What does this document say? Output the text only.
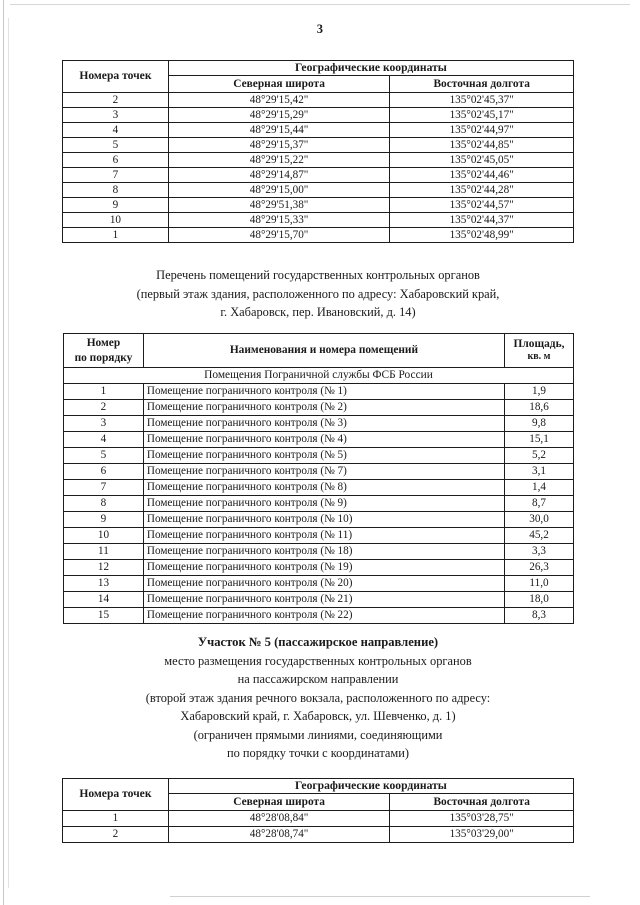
3
Номера точек	Географические координаты	
	Северная широта	Восточная долгота
2	48°29'15,42"	135°02'45,37"
3	48°29'15,29"	135°02'45,17"
4	48°29'15,44"	135°02'44,97"
5	48°29'15,37"	135°02'44,85"
6	48°29'15,22"	135°02'45,05"
7	48°29'14,87"	135°02'44,46"
8	48°29'15,00"	135°02'44,28"
9	48°29'51,38"	135°02'44,57"
10	48°29'15,33"	135°02'44,37"
1	48°29'15,70"	135°02'48,99"
Перечень помещений государственных контрольных органов
(первый этаж здания, расположенного по адресу: Хабаровский край,
г. Хабаровск, пер. Ивановский, д. 14)
Номер
по порядку	Наименования и номера помещений	Площадь,
кв. м

Помещения Пограничной службы ФСБ России		
1	Помещение пограничного контроля (№ 1)	1,9
2	Помещение пограничного контроля (№ 2)	18,6
3	Помещение пограничного контроля (№ 3)	9,8
4	Помещение пограничного контроля (№ 4)	15,1
5	Помещение пограничного контроля (№ 5)	5,2
6	Помещение пограничного контроля (№ 7)	3,1
7	Помещение пограничного контроля (№ 8)	1,4
8	Помещение пограничного контроля (№ 9)	8,7
9	Помещение пограничного контроля (№ 10)	30,0
10	Помещение пограничного контроля (№ 11)	45,2
11	Помещение пограничного контроля (№ 18)	3,3
12	Помещение пограничного контроля (№ 19)	26,3
13	Помещение пограничного контроля (№ 20)	11,0
14	Помещение пограничного контроля (№ 21)	18,0
15	Помещение пограничного контроля (№ 22)	8,3
Участок № 5 (пассажирское направление)
место размещения государственных контрольных органов
на пассажирском направлении
(второй этаж здания речного вокзала, расположенного по адресу:
Хабаровский край, г. Хабаровск, ул. Шевченко, д. 1)
(ограничен прямыми линиями, соединяющими
по порядку точки с координатами)
Номера точек	Географические координаты	
	Северная широта	Восточная долгота
1	48°28'08,84"	135°03'28,75"
2	48°28'08,74"	135°03'29,00"
